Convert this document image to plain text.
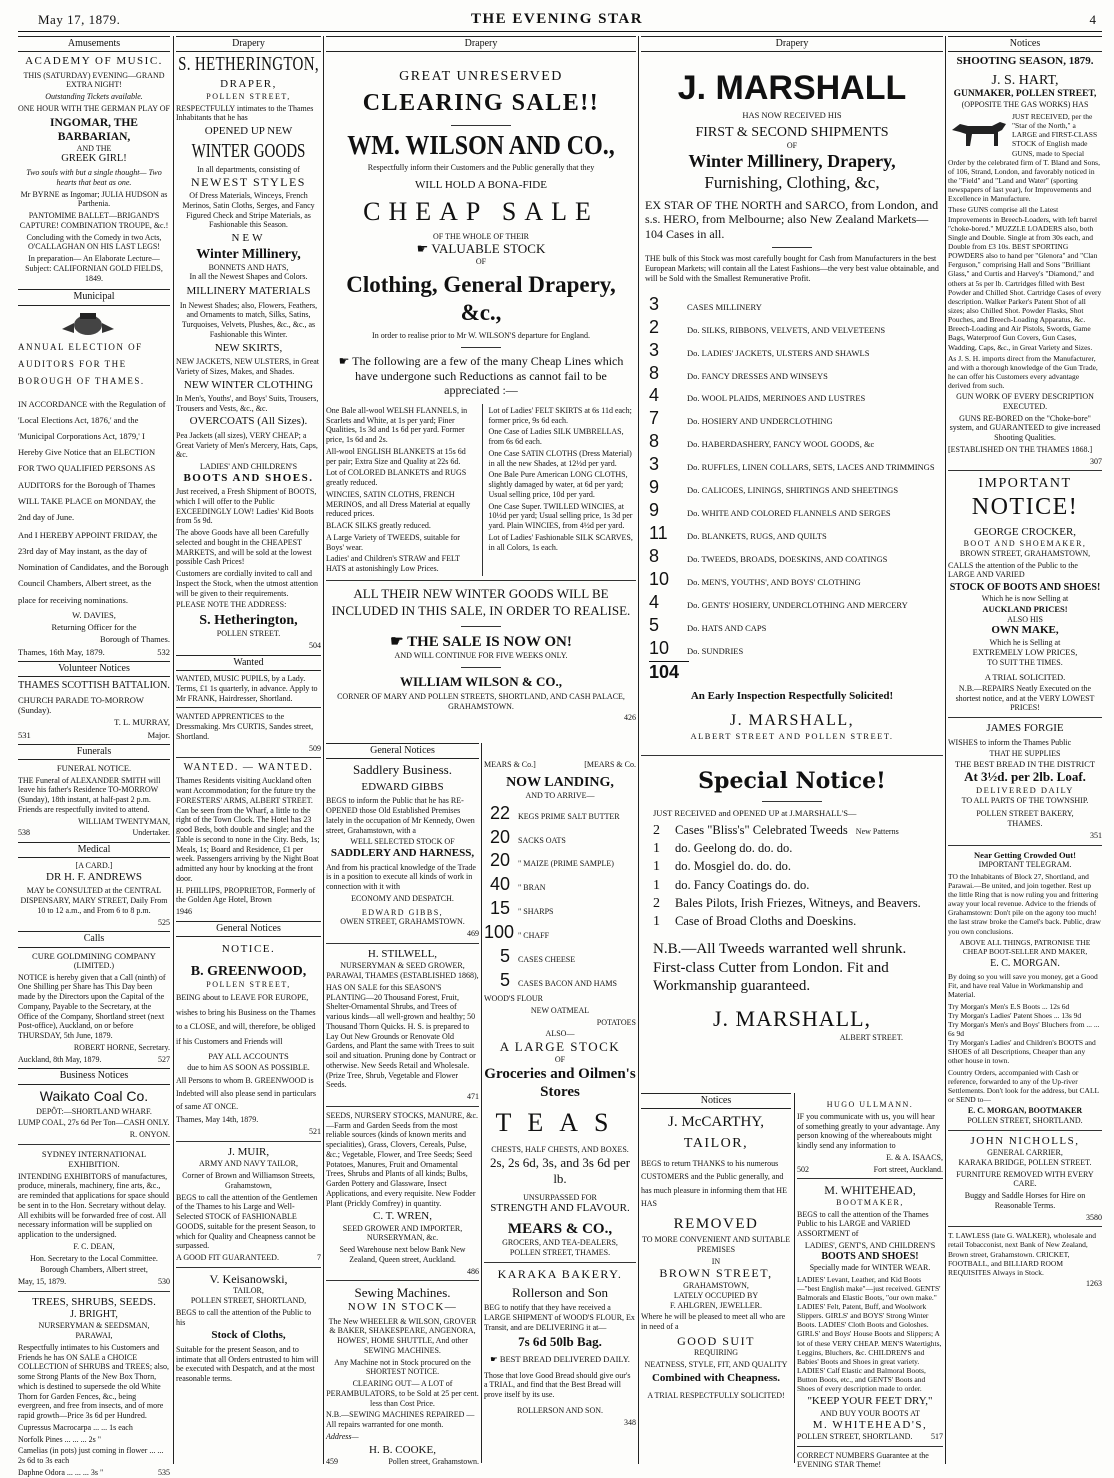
May 17, 1879.	THE EVENING STAR	4
Amusements
ACADEMY OF MUSIC.

THIS (SATURDAY) EVENING—GRAND EXTRA NIGHT!

Outstanding Tickets available.

ONE HOUR WITH THE GERMAN PLAY OF

INGOMAR, THE BARBARIAN,
AND THE
GREEK GIRL!

Two souls with but a single thought— Two hearts that beat as one.

Mr BYRNE as Ingomar; JULIA HUDSON as Parthenia.

PANTOMIME BALLET—BRIGAND'S CAPTURE! COMBINATION TROUPE, &c.!

Concluding with the Comedy in two Acts, O'CALLAGHAN ON HIS LAST LEGS!

In preparation— An Elaborate Lecture—Subject: CALIFORNIAN GOLD FIELDS, 1849.

Municipal

ANNUAL ELECTION OF AUDITORS FOR THE BOROUGH OF THAMES.

IN ACCORDANCE with the Regulation of 'Local Elections Act, 1876,' and the 'Municipal Corporations Act, 1879,' I Hereby Give Notice that an ELECTION FOR TWO QUALIFIED PERSONS AS AUDITORS for the Borough of Thames WILL TAKE PLACE on MONDAY, the 2nd day of June.

And I HEREBY APPOINT FRIDAY, the 23rd day of May instant, as the day of Nomination of Candidates, and the Borough Council Chambers, Albert street, as the place for receiving nominations.

W. DAVIES,

Returning Officer for the

Borough of Thames.

Thames, 16th May, 1879.	532
Volunteer Notices
THAMES SCOTTISH BATTALION.

CHURCH PARADE TO-MORROW (Sunday).

T. L. MURRAY,

531	Major.
Funerals
FUNERAL NOTICE.

THE Funeral of ALEXANDER SMITH will leave his father's Residence TO-MORROW (Sunday), 18th instant, at half-past 2 p.m. Friends are respectfully invited to attend.

WILLIAM TWENTYMAN,

538	Undertaker.
Medical
[A CARD.]
DR H. F. ANDREWS

MAY be CONSULTED at the CENTRAL DISPENSARY, MARY STREET, Daily From 10 to 12 a.m., and From 6 to 8 p.m.

525

Calls
CURE GOLDMINING COMPANY
(LIMITED.)

NOTICE is hereby given that a Call (ninth) of One Shilling per Share has This Day been made by the Directors upon the Capital of the Company, Payable to the Secretary, at the Office of the Company, Shortland street (next Post-office), Auckland, on or before THURSDAY, 5th June, 1879.

ROBERT HORNE, Secretary.

Auckland, 8th May, 1879.	527
Business Notices
Waikato Coal Co.

DEPÔT:—SHORTLAND WHARF.

LUMP COAL, 27s 6d Per Ton—CASH ONLY.

R. ONYON.

SYDNEY INTERNATIONAL EXHIBITION.

INTENDING EXHIBITORS of manufactures, produce, minerals, machinery, fine arts, &c., are reminded that applications for space should be sent in to the Hon. Secretary without delay. All exhibits will be forwarded free of cost. All necessary information will be supplied on application to the undersigned.

F. C. DEAN,

Hon. Secretary to the Local Committee.

Borough Chambers, Albert street,

May, 15, 1879.	530
TREES, SHRUBS, SEEDS.
J. BRIGHT,
NURSERYMAN & SEEDSMAN,
PARAWAI,

Respectfully intimates to his Customers and Friends he has ON SALE a CHOICE COLLECTION of SHRUBS and TREES; also, some Strong Plants of the New Box Thorn, which is destined to supersede the old White Thorn for Garden Fences, &c., being evergreen, and free from insects, and of more rapid growth—Price 3s 6d per Hundred.

Cupressus Macrocarpa ... ... 1s each

Norfolk Pines ... ... ... 2s "

Camelias (in pots) just coming in flower ... ... 2s 6d to 3s each

Daphne Odora ... ... ... 3s "	535
Drapery
S. HETHERINGTON,
DRAPER,
POLLEN STREET,

RESPECTFULLY intimates to the Thames Inhabitants that he has

OPENED UP NEW
WINTER GOODS
In all departments, consisting of
NEWEST STYLES

Of Dress Materials, Winceys, French Merinos, Satin Cloths, Serges, and Fancy Figured Check and Stripe Materials, as Fashionable this Season.

NEW
Winter Millinery,
BONNETS AND HATS,
In all the Newest Shapes and Colors.
MILLINERY MATERIALS

In Newest Shades; also, Flowers, Feathers, and Ornaments to match, Silks, Satins, Turquoises, Velvets, Plushes, &c., &c., as Fashionable this Winter.

NEW SKIRTS,

NEW JACKETS, NEW ULSTERS, in Great Variety of Sizes, Makes, and Shades.

NEW WINTER CLOTHING

In Men's, Youths', and Boys' Suits, Trousers, Trousers and Vests, &c., &c.

OVERCOATS (All Sizes).

Pea Jackets (all sizes), VERY CHEAP; a Great Variety of Men's Mercery, Hats, Caps, &c.

LADIES' AND CHILDREN'S
BOOTS AND SHOES.

Just received, a Fresh Shipment of BOOTS, which I will offer to the Public EXCEEDINGLY LOW! Ladies' Kid Boots from 5s 9d.

The above Goods have all been Carefully selected and bought in the CHEAPEST MARKETS, and will be sold at the lowest possible Cash Prices!

Customers are cordially invited to call and Inspect the Stock, when the utmost attention will be given to their requirements.

PLEASE NOTE THE ADDRESS:

S. Hetherington,
POLLEN STREET.

504

Wanted

WANTED, MUSIC PUPILS, by a Lady. Terms, £1 1s quarterly, in advance. Apply to Mr FRANK, Hairdresser, Shortland.

WANTED APPRENTICES to the Dressmaking. Mrs CURTIS, Sandes street, Shortland.

509

WANTED. — WANTED.

Thames Residents visiting Auckland often want Accommodation; for the future try the FORESTERS' ARMS, ALBERT STREET. Can be seen from the Wharf, a little to the right of the Town Clock. The Hotel has 23 good Beds, both double and single; and the Table is second to none in the City. Beds, 1s; Meals, 1s; Board and Residence, £1 per week. Passengers arriving by the Night Boat admitted any hour by knocking at the front door.

H. PHILLIPS, PROPRIETOR, Formerly of the Golden Age Hotel, Brown

1946

General Notices
NOTICE.
B. GREENWOOD,
POLLEN STREET,

BEING about to LEAVE FOR EUROPE, wishes to bring his Business on the Thames to a CLOSE, and will, therefore, be obliged if his Customers and Friends will

PAY ALL ACCOUNTS

due to him AS SOON AS POSSIBLE.

All Persons to whom B. GREENWOOD is Indebted will also please send in particulars of same AT ONCE.

Thames, May 14th, 1879.

521

J. MUIR,
ARMY AND NAVY TAILOR,

Corner of Brown and Williamson Streets, Grahamstown,

BEGS to call the attention of the Gentlemen of the Thames to his Large and Well-Selected STOCK of FASHIONABLE GOODS, suitable for the present Season, to which for Quality and Cheapness cannot be surpassed.

A GOOD FIT GUARANTEED.	7
V. Keisanowski,
TAILOR,
POLLEN STREET, SHORTLAND,

BEGS to call the attention of the Public to his

Stock of Cloths,

Suitable for the present Season, and to intimate that all Orders entrusted to him will be executed with Despatch, and at the most reasonable terms.

Drapery
GREAT UNRESERVED
CLEARING SALE!!
WM. WILSON AND CO.,

Respectfully inform their Customers and the Public generally that they

WILL HOLD A BONA-FIDE
CHEAP SALE
OF THE WHOLE OF THEIR
☛ VALUABLE STOCK
OF
Clothing, General Drapery, &c.,

In order to realise prior to Mr W. WILSON'S departure for England.

☛ The following are a few of the many Cheap Lines which have undergone such Reductions as cannot fail to be appreciated :—

One Bale all-wool WELSH FLANNELS, in Scarlets and White, at 1s per yard; Finer Qualities, 1s 3d and 1s 6d per yard. Former price, 1s 6d and 2s.

All-wool ENGLISH BLANKETS at 15s 6d per pair; Extra Size and Quality at 22s 6d.

Lot of COLORED BLANKETS and RUGS greatly reduced.

WINCIES, SATIN CLOTHS, FRENCH MERINOS, and all Dress Material at equally reduced prices.

BLACK SILKS greatly reduced.

A Large Variety of TWEEDS, suitable for Boys' wear.

Ladies' and Children's STRAW and FELT HATS at astonishingly Low Prices.

Lot of Ladies' FELT SKIRTS at 6s 11d each; former price, 9s 6d each.

One Case of Ladies SILK UMBRELLAS, from 6s 6d each.

One Case SATIN CLOTHS (Dress Material) in all the new Shades, at 12½d per yard.

One Bale Pure American LONG CLOTHS, slightly damaged by water, at 6d per yard; Usual selling price, 10d per yard.

One Case Super. TWILLED WINCIES, at 10½d per yard; Usual selling price, 1s 3d per yard. Plain WINCIES, from 4½d per yard.

Lot of Ladies' Fashionable SILK SCARVES, in all Colors, 1s each.

ALL THEIR NEW WINTER GOODS WILL BE INCLUDED IN THIS SALE, IN ORDER TO REALISE.

☛ THE SALE IS NOW ON!
AND WILL CONTINUE FOR FIVE WEEKS ONLY.
WILLIAM WILSON & CO.,

CORNER OF MARY AND POLLEN STREETS, SHORTLAND, AND CASH PALACE, GRAHAMSTOWN.

426

General Notices
Saddlery Business.
EDWARD GIBBS

BEGS to inform the Public that he has RE-OPENED those Old Established Premises lately in the occupation of Mr Kennedy, Owen street, Grahamstown, with a

WELL SELECTED STOCK OF
SADDLERY AND HARNESS,

And from his practical knowledge of the Trade is in a position to execute all kinds of work in connection with it with

ECONOMY AND DESPATCH.
EDWARD GIBBS,
OWEN STREET, GRAHAMSTOWN.

469

H. STILWELL,
NURSERYMAN & SEED GROWER,
PARAWAI, THAMES (ESTABLISHED 1868),

HAS ON SALE for this SEASON'S PLANTING—20 Thousand Forest, Fruit, Shelter-Ornamental Shrubs, and Trees of various kinds—all well-grown and healthy; 50 Thousand Thorn Quicks. H. S. is prepared to Lay Out New Grounds or Renovate Old Gardens, and Plant the same with Trees to suit soil and situation. Pruning done by Contract or otherwise. New Seeds Retail and Wholesale. (Prize Tree, Shrub, Vegetable and Flower Seeds.

471

SEEDS, NURSERY STOCKS, MANURE, &c.—Farm and Garden Seeds from the most reliable sources (kinds of known merits and specialities), Grass, Clovers, Cereals, Pulse, &c.; Vegetable, Flower, and Tree Seeds; Seed Potatoes, Manures, Fruit and Ornamental Trees, Shrubs and Plants of all kinds; Bulbs, Garden Pottery and Glassware, Insect Applications, and every requisite. New Fodder Plant (Prickly Comfrey) in quantity.

C. T. WREN,
SEED GROWER AND IMPORTER, NURSERYMAN, &c.

Seed Warehouse next below Bank New Zealand, Queen street, Auckland.

486

Sewing Machines.
NOW IN STOCK—

The New WHEELER & WILSON, GROVER & BAKER, SHAKESPEARE, ANGENORA, HOWES', HOME SHUTTLE, And other SEWING MACHINES.

Any Machine not in Stock procured on the SHORTEST NOTICE.

CLEARING OUT— A LOT of PERAMBULATORS, to be Sold at 25 per cent. less than Cost Price.

N.B.—SEWING MACHINES REPAIRED —All repairs warranted for one month.

Address—

H. B. COOKE,
459	Pollen street, Grahamstown.
MEARS & Co.]	[MEARS & Co.
NOW LANDING,
AND TO ARRIVE—
22 KEGS PRIME SALT BUTTER
20 SACKS OATS
20 " MAIZE (PRIME SAMPLE)
40 " BRAN
15 " SHARPS
100 " CHAFF
5 CASES CHEESE
5 CASES BACON AND HAMS

WOOD'S FLOUR

NEW OATMEAL

POTATOES

ALSO—
A LARGE STOCK
OF
Groceries and Oilmen's Stores
TEAS
CHESTS, HALF CHESTS, AND BOXES.
2s, 2s 6d, 3s, and 3s 6d per lb.
UNSURPASSED FOR
STRENGTH AND FLAVOUR.
MEARS & CO.,
GROCERS, AND TEA-DEALERS,
POLLEN STREET, THAMES.
KARAKA BAKERY.
Rollerson and Son

BEG to notify that they have received a LARGE SHIPMENT of WOOD'S FLOUR, Ex Transit, and are DELIVERING it at—

7s 6d 50lb Bag.
☛ BEST BREAD DELIVERED DAILY.

Those that love Good Bread should give our's a TRIAL, and find that the Best Bread will prove itself by its use.

ROLLERSON AND SON.

348

Drapery
J. MARSHALL
HAS NOW RECEIVED HIS
FIRST & SECOND SHIPMENTS
OF
Winter Millinery, Drapery,
Furnishing, Clothing, &c,

EX STAR OF THE NORTH and SARCO, from London, and s.s. HERO, from Melbourne; also New Zealand Markets—104 Cases in all.

THE bulk of this Stock was most carefully bought for Cash from Manufacturers in the best European Markets; will contain all the Latest Fashions—the very best value obtainable, and will be Sold with the Smallest Remunerative Profit.

3	CASES MILLINERY
2	Do. SILKS, RIBBONS, VELVETS, AND VELVETEENS
3	Do. LADIES' JACKETS, ULSTERS AND SHAWLS
8	Do. FANCY DRESSES AND WINSEYS
4	Do. WOOL PLAIDS, MERINOES AND LUSTRES
7	Do. HOSIERY AND UNDERCLOTHING
8	Do. HABERDASHERY, FANCY WOOL GOODS, &c
3	Do. RUFFLES, LINEN COLLARS, SETS, LACES AND TRIMMINGS
9	Do. CALICOES, LININGS, SHIRTINGS AND SHEETINGS
9	Do. WHITE AND COLORED FLANNELS AND SERGES
11	Do. BLANKETS, RUGS, AND QUILTS
8	Do. TWEEDS, BROADS, DOESKINS, AND COATINGS
10	Do. MEN'S, YOUTHS', AND BOYS' CLOTHING
4	Do. GENTS' HOSIERY, UNDERCLOTHING AND MERCERY
5	Do. HATS AND CAPS
10	Do. SUNDRIES
104
An Early Inspection Respectfully Solicited!
J. MARSHALL,
ALBERT STREET AND POLLEN STREET.
Special Notice!

JUST RECEIVED and OPENED UP at J.MARSHALL'S—

2	Cases "Bliss's" Celebrated Tweeds New Patterns
1	do. Geelong do. do. do.
1	do. Mosgiel do. do. do.
1	do. Fancy Coatings do. do.
2	Bales Pilots, Irish Friezes, Witneys, and Beavers.
1	Case of Broad Cloths and Doeskins.

N.B.—All Tweeds warranted well shrunk. First-class Cutter from London. Fit and Workmanship guaranteed.

J. MARSHALL,
ALBERT STREET.
Notices
J. McCARTHY,
TAILOR,

BEGS to return THANKS to his numerous CUSTOMERS and the Public generally, and has much pleasure in informing them that HE HAS

REMOVED

TO MORE CONVENIENT AND SUITABLE PREMISES

IN
BROWN STREET,
GRAHAMSTOWN,
LATELY OCCUPIED BY
F. AHLGREN, JEWELLER.

Where he will be pleased to meet all who are in need of a

GOOD SUIT
REQUIRING

NEATNESS, STYLE, FIT, AND QUALITY

Combined with Cheapness.
A TRIAL RESPECTFULLY SOLICITED!
HUGO ULLMANN.

IF you communicate with us, you will hear of something greatly to your advantage. Any person knowing of the whereabouts might kindly send any information to

E. & A. ISAACS,

502	Fort street, Auckland.
M. WHITEHEAD,
BOOTMAKER,

BEGS to call the attention of the Thames Public to his LARGE and VARIED ASSORTMENT of

LADIES', GENT'S, AND CHILDREN'S
BOOTS AND SHOES!
Specially made for WINTER WEAR.

LADIES' Levant, Leather, and Kid Boots—"best English make"—just received. GENTS' Balmorals and Elastic Boots, "our own make." LADIES' Felt, Patent, Buff, and Woolwork Slippers. GIRLS' and BOYS' Strong Winter Boots. LADIES' Cloth Boots and Goloshes. GIRLS' and Boys' House Boots and Slippers; A lot of these VERY CHEAP. MEN'S Watertights, Leggins, Bluchers, &c. CHILDREN'S and Babies' Boots and Shoes in great variety. LADIES' Calf Elastic and Balmoral Boots, Button Boots, etc., and GENTS' Boots and Shoes of every description made to order.

"KEEP YOUR FEET DRY,"
AND BUY YOUR BOOTS AT
M. WHITEHEAD'S,
POLLEN STREET, SHORTLAND. 517

CORRECT NUMBERS Guarantee at the EVENING STAR Theme!

Notices
SHOOTING SEASON, 1879.
J. S. HART,
GUNMAKER, POLLEN STREET,
(OPPOSITE THE GAS WORKS) HAS

JUST RECEIVED, per the "Star of the North," a LARGE and FIRST-CLASS STOCK of English made GUNS, made to Special Order by the celebrated firm of T. Bland and Sons, of 106, Strand, London, and favorably noticed in the "Field" and "Land and Water" (sporting newspapers of last year), for Improvements and Excellence in Manufacture.

These GUNS comprise all the Latest Improvements in Breech-Loaders, with left barrel "choke-bored." MUZZLE LOADERS also, both Single and Double. Single at from 30s each, and Double from £3 10s. BEST SPORTING POWDERS also to hand per "Glenora" and "Clan Ferguson," comprising Hall and Sons "Brilliant Glass," and Curtis and Harvey's "Diamond," and others at 5s per lb. Cartridges filled with Best Powder and Chilled Shot. Cartridge Cases of every description. Walker Parker's Patent Shot of all sizes; also Chilled Shot. Powder Flasks, Shot Pouches, and Breech-Loading Apparatus, &c. Breech-Loading and Air Pistols, Swords, Game Bags, Waterproof Gun Covers, Gun Cases, Wadding, Caps, &c., in Great Variety and Sizes.

As J. S. H. imports direct from the Manufacturer, and with a thorough knowledge of the Gun Trade, he can offer his Customers every advantage derived from such.

GUN WORK OF EVERY DESCRIPTION EXECUTED.

GUNS RE-BORED on the "Choke-bore" system, and GUARANTEED to give increased Shooting Qualities.

[ESTABLISHED ON THE THAMES 1868.]

307

IMPORTANT
NOTICE!
GEORGE CROCKER,
BOOT AND SHOEMAKER,
BROWN STREET, GRAHAMSTOWN,

CALLS the attention of the Public to the LARGE AND VARIED

STOCK OF BOOTS AND SHOES!
Which he is now Selling at
AUCKLAND PRICES!
ALSO HIS
OWN MAKE,
Which he is Selling at
EXTREMELY LOW PRICES,
TO SUIT THE TIMES.
A TRIAL SOLICITED.

N.B.—REPAIRS Neatly Executed on the shortest notice, and at the VERY LOWEST PRICES!

JAMES FORGIE

WISHES to inform the Thames Public

THAT HE SUPPLIES
THE BEST BREAD IN THE DISTRICT
At 3½d. per 2lb. Loaf.
DELIVERED DAILY
TO ALL PARTS OF THE TOWNSHIP.
POLLEN STREET BAKERY,
THAMES.

351

Near Getting Crowded Out!
IMPORTANT TELEGRAM.

TO the Inhabitants of Block 27, Shortland, and Parawai.—Be united, and join together. Rest up the little Ring that is now ruling you and frittering away your local revenue. Advice to the friends of Grahamstown: Don't pile on the agony too much! the last straw broke the Camel's back. Public, draw you own conclusions.

ABOVE ALL THINGS, PATRONISE THE CHEAP BOOT-SELLER AND MAKER,

E. C. MORGAN.

By doing so you will save you money, get a Good Fit, and have real Value in Workmanship and Material.

Try Morgan's Men's E.S Boots ... 12s 6d
Try Morgan's Ladies' Patent Shoes ... 13s 9d
Try Morgan's Men's and Boys' Bluchers from ... ... 6s 9d
Try Morgan's Ladies' and Children's BOOTS and SHOES of all Descriptions, Cheaper than any other house in town.

Country Orders, accompanied with Cash or reference, forwarded to any of the Up-river Settlements. Don't look for the address, but CALL or SEND to—

E. C. MORGAN, BOOTMAKER
POLLEN STREET, SHORTLAND.
JOHN NICHOLLS,
GENERAL CARRIER,
KARAKA BRIDGE, POLLEN STREET.

FURNITURE REMOVED WITH EVERY CARE.

Buggy and Saddle Horses for Hire on Reasonable Terms.

3580

T. LAWLESS (late G. WALKER), wholesale and retail Tobacconist, next Bank of New Zealand, Brown street, Grahamstown. CRICKET, FOOTBALL, and BILLIARD ROOM REQUISITES Always in Stock.

1263
